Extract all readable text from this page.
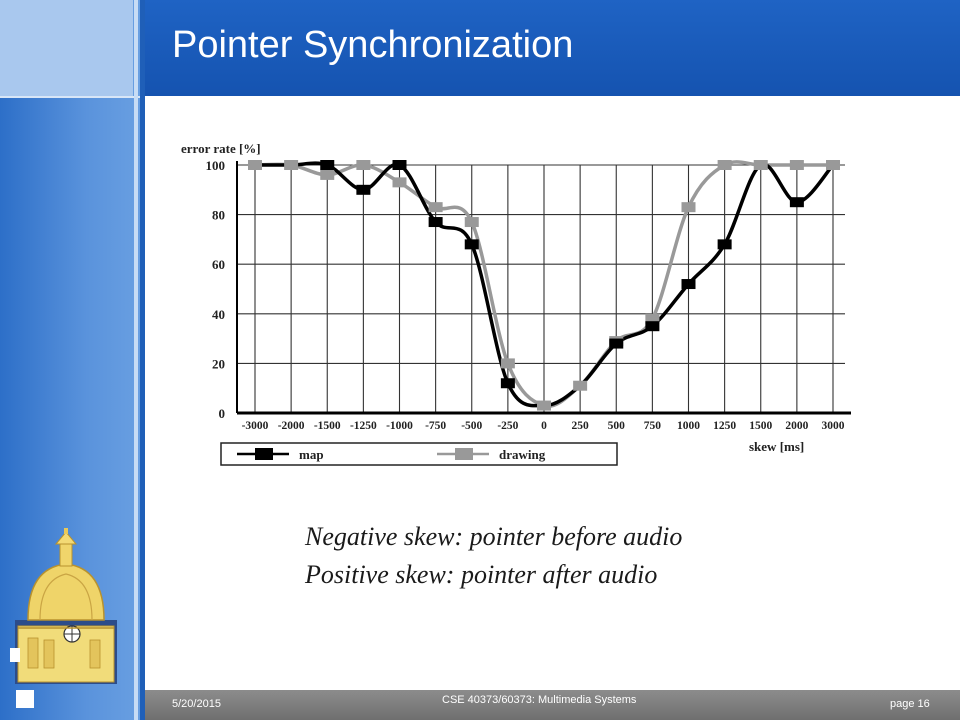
Pointer Synchronization
0
20
40
60
80
100
-3000 -2000 -1500 -1250 -1000 -750 -500 -250 0 250 500 750 1000 1250 1500 2000 3000
error rate [%]
skew [ms]
map	drawing
Negative skew: pointer before audio
Positive skew: pointer after audio
5/20/2015	CSE 40373/60373: Multimedia Systems	page 16
